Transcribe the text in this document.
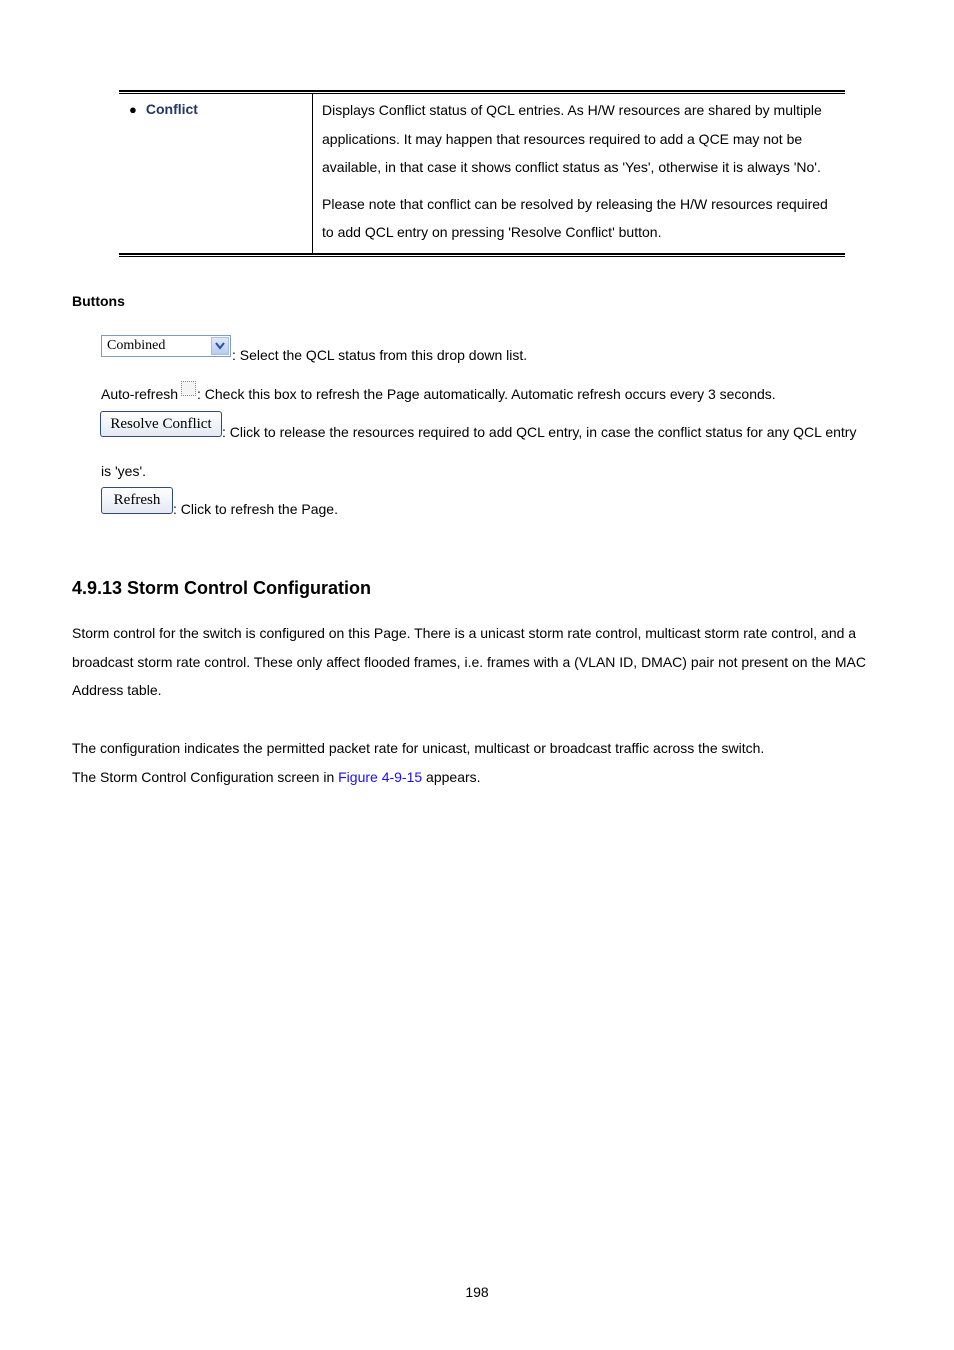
● Conflict	Displays Conflict status of QCL entries. As H/W resources are shared by multiple applications. It may happen that resources required to add a QCE may not be available, in that case it shows conflict status as 'Yes', otherwise it is always 'No'.

Please note that conflict can be resolved by releasing the H/W resources required to add QCL entry on pressing 'Resolve Conflict' button.

Buttons
Combined
: Select the QCL status from this drop down list.
Auto-refresh : Check this box to refresh the Page automatically. Automatic refresh occurs every 3 seconds.
Resolve Conflict
: Click to release the resources required to add QCL entry, in case the conflict status for any QCL entry
is 'yes'.
Refresh
: Click to refresh the Page.
4.9.13 Storm Control Configuration

Storm control for the switch is configured on this Page. There is a unicast storm rate control, multicast storm rate control, and a broadcast storm rate control. These only affect flooded frames, i.e. frames with a (VLAN ID, DMAC) pair not present on the MAC Address table.

The configuration indicates the permitted packet rate for unicast, multicast or broadcast traffic across the switch.

The Storm Control Configuration screen in Figure 4-9-15 appears.

198
